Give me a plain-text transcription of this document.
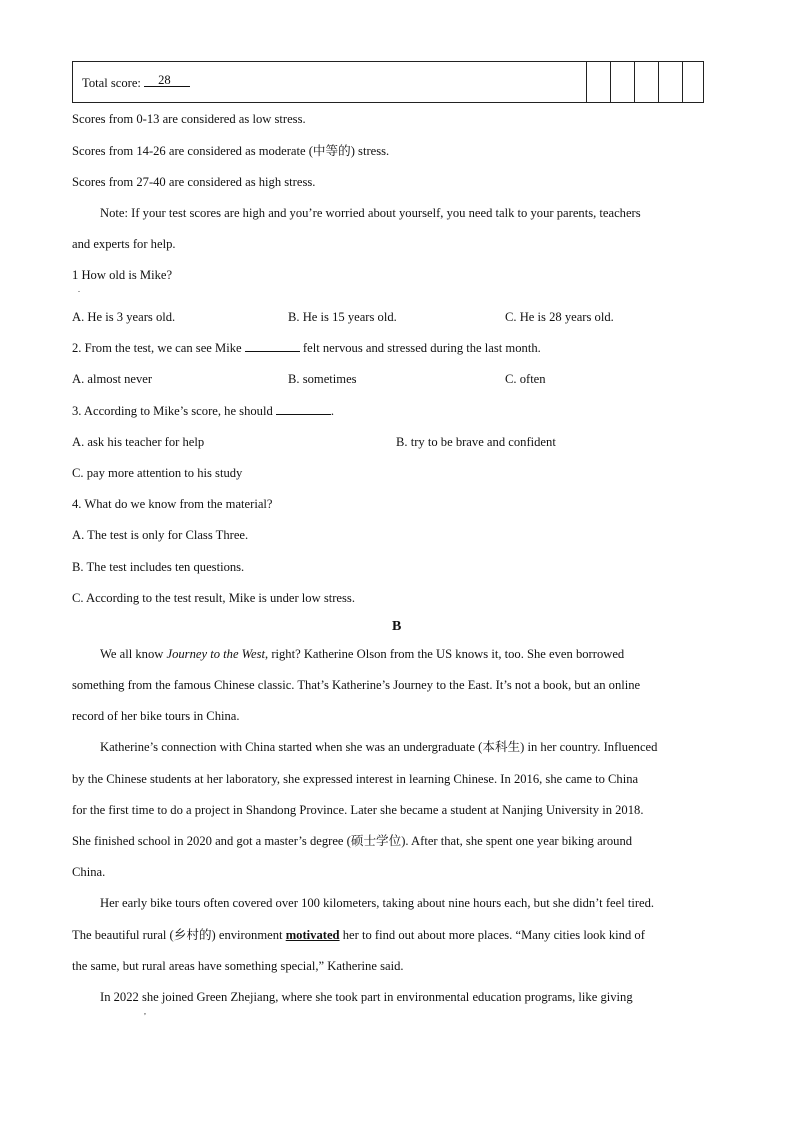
Total score: 28
Scores from 0-13 are considered as low stress.
Scores from 14-26 are considered as moderate (中等的) stress.
Scores from 27-40 are considered as high stress.
Note: If your test scores are high and you’re worried about yourself, you need talk to your parents, teachers
and experts for help.
1 How old is Mike?
.
A. He is 3 years old.	B. He is 15 years old.	C. He is 28 years old.
2. From the test, we can see Mike	felt nervous and stressed during the last month.
A. almost never	B. sometimes	C. often
3. According to Mike’s score, he should	.
A. ask his teacher for help	B. try to be brave and confident
C. pay more attention to his study
4. What do we know from the material?
A. The test is only for Class Three.
B. The test includes ten questions.
C. According to the test result, Mike is under low stress.
B
We all know Journey to the West, right? Katherine Olson from the US knows it, too. She even borrowed
something from the famous Chinese classic. That’s Katherine’s Journey to the East. It’s not a book, but an online
record of her bike tours in China.
Katherine’s connection with China started when she was an undergraduate (本科生) in her country. Influenced
by the Chinese students at her laboratory, she expressed interest in learning Chinese. In 2016, she came to China
for the first time to do a project in Shandong Province. Later she became a student at Nanjing University in 2018.
She finished school in 2020 and got a master’s degree (硕士学位). After that, she spent one year biking around
China.
Her early bike tours often covered over 100 kilometers, taking about nine hours each, but she didn’t feel tired.
The beautiful rural (乡村的) environment motivated her to find out about more places. “Many cities look kind of
the same, but rural areas have something special,” Katherine said.
In 2022 she joined Green Zhejiang, where she took part in environmental education programs, like giving
,
